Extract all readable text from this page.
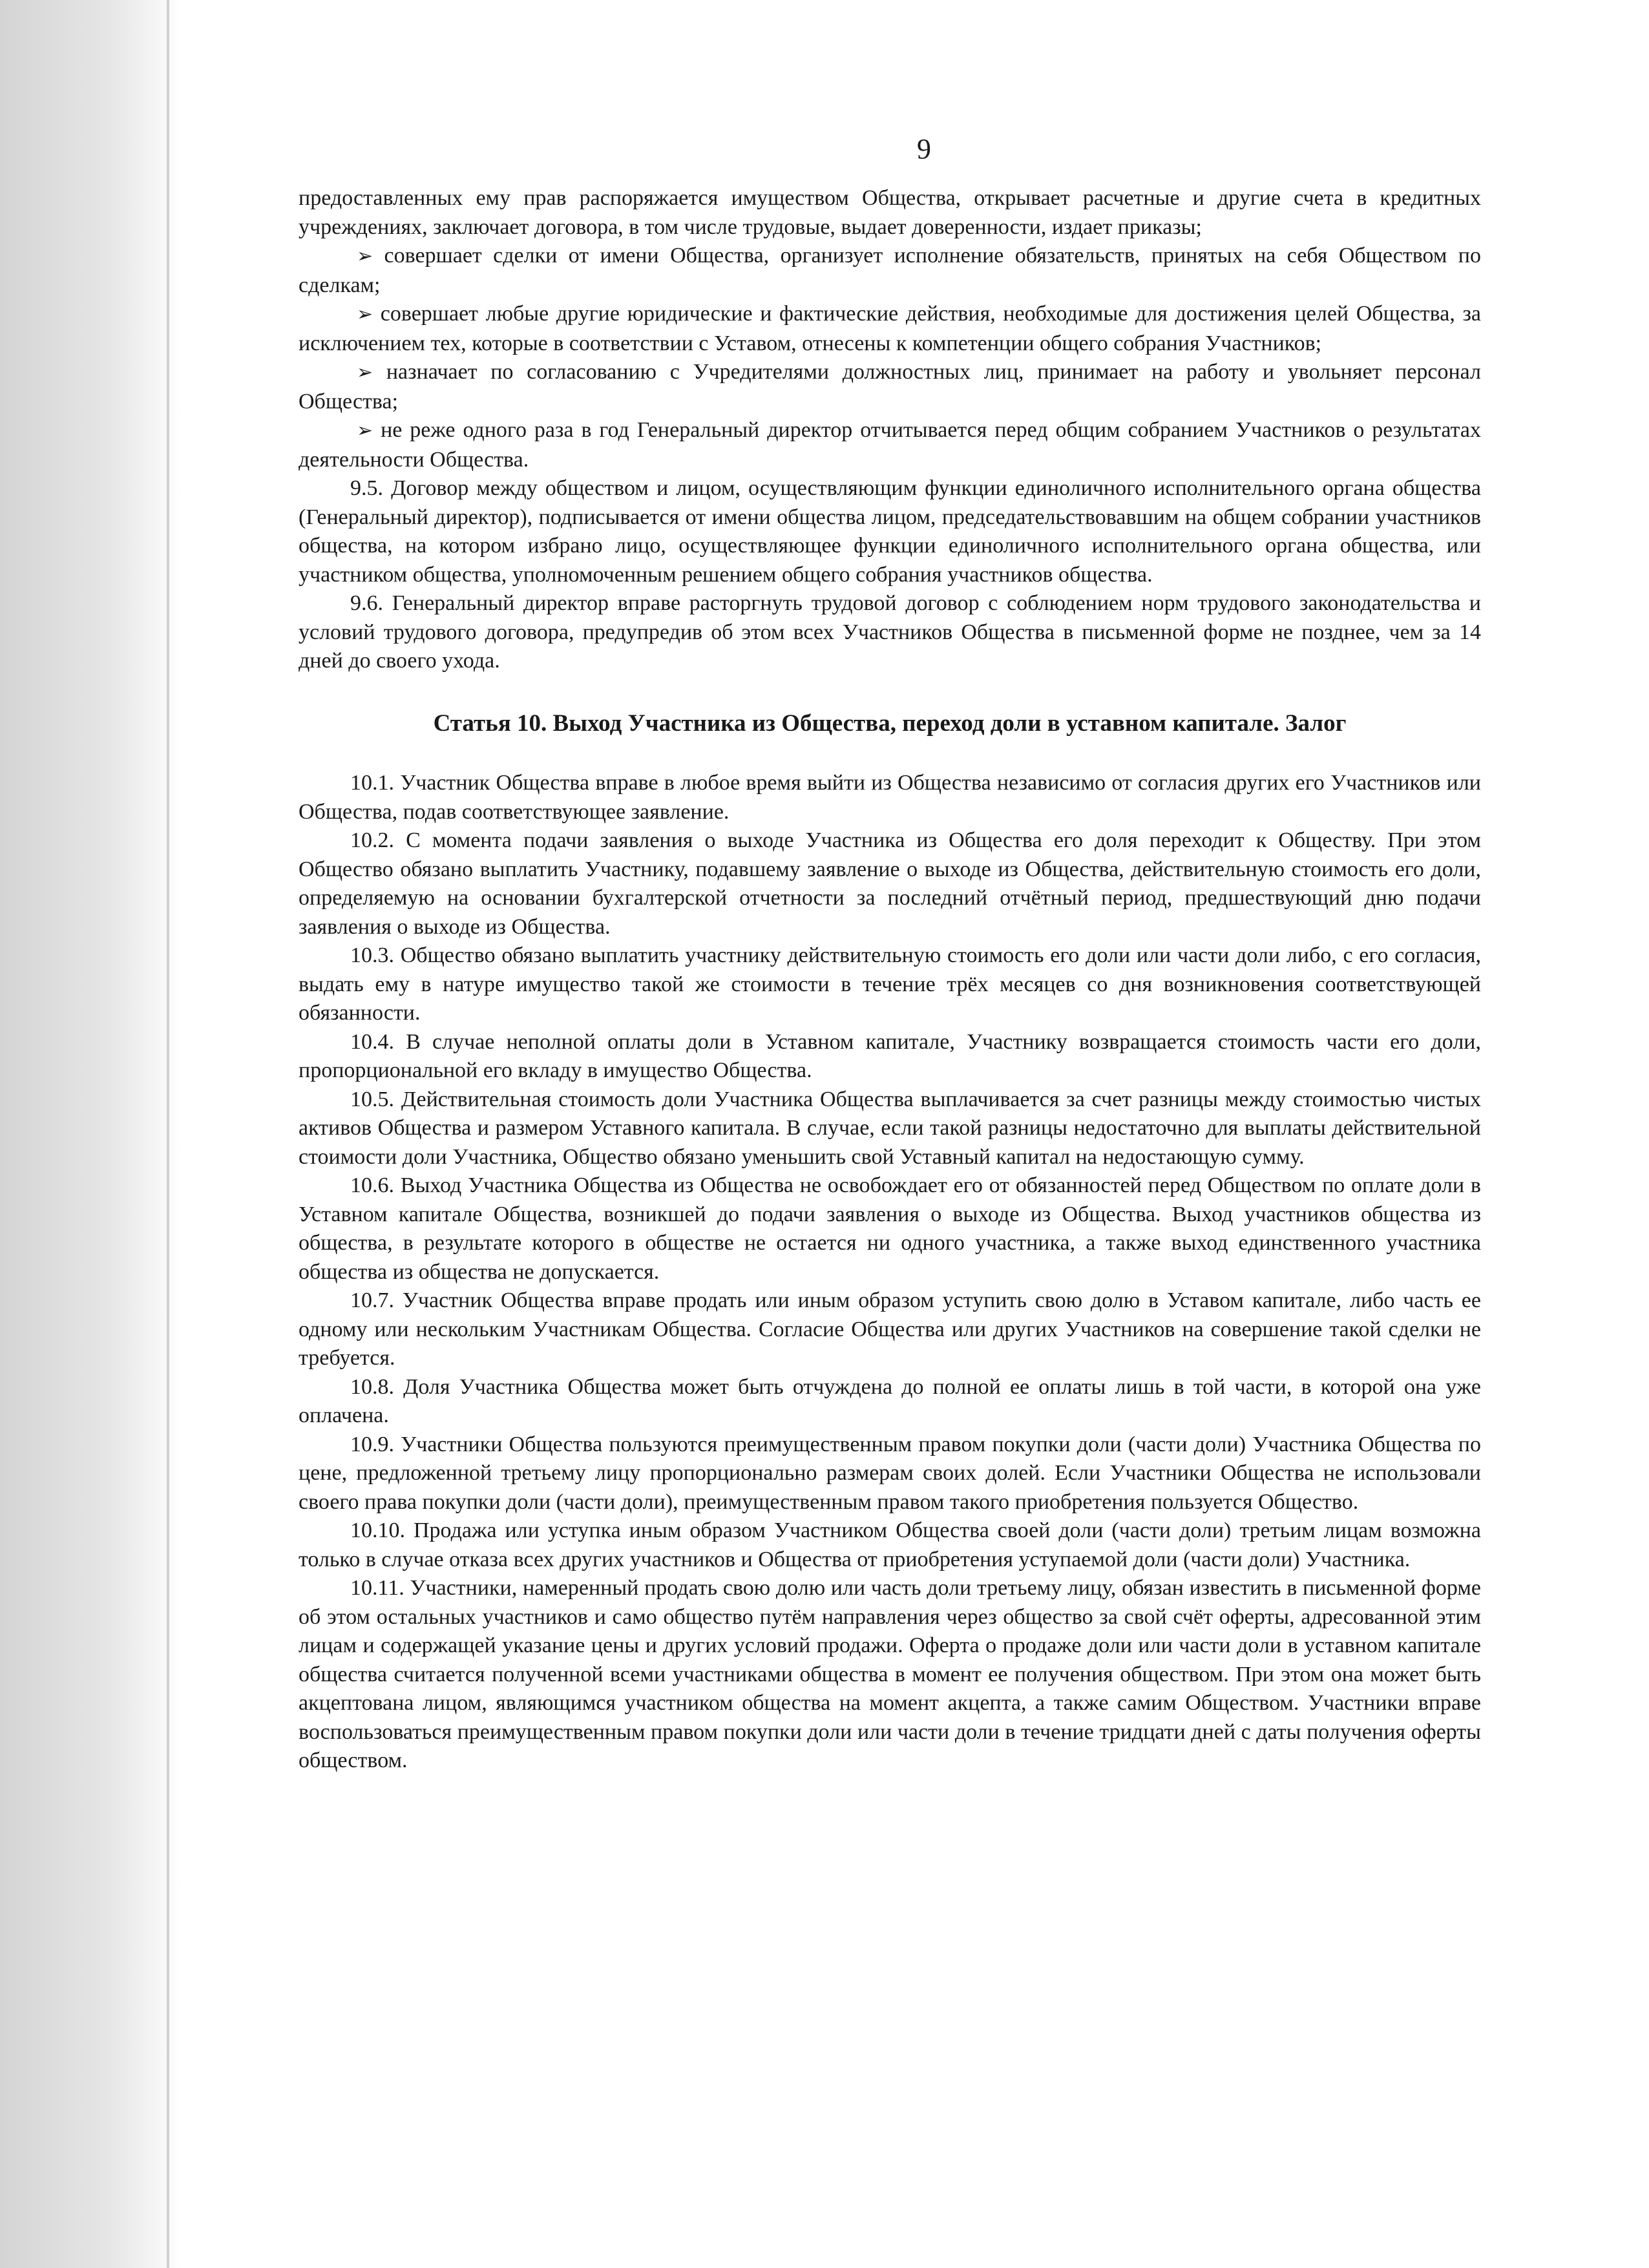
9

предоставленных ему прав распоряжается имуществом Общества, открывает расчетные и другие счета в кредитных учреждениях, заключает договора, в том числе трудовые, выдает доверенности, издает приказы;

➢ совершает сделки от имени Общества, организует исполнение обязательств, принятых на себя Обществом по сделкам;

➢ совершает любые другие юридические и фактические действия, необходимые для достижения целей Общества, за исключением тех, которые в соответствии с Уставом, отнесены к компетенции общего собрания Участников;

➢ назначает по согласованию с Учредителями должностных лиц, принимает на работу и увольняет персонал Общества;

➢ не реже одного раза в год Генеральный директор отчитывается перед общим собранием Участников о результатах деятельности Общества.

9.5. Договор между обществом и лицом, осуществляющим функции единоличного исполнительного органа общества (Генеральный директор), подписывается от имени общества лицом, председательствовавшим на общем собрании участников общества, на котором избрано лицо, осуществляющее функции единоличного исполнительного органа общества, или участником общества, уполномоченным решением общего собрания участников общества.

9.6. Генеральный директор вправе расторгнуть трудовой договор с соблюдением норм трудового законодательства и условий трудового договора, предупредив об этом всех Участников Общества в письменной форме не позднее, чем за 14 дней до своего ухода.

Статья 10. Выход Участника из Общества, переход доли в уставном капитале. Залог

10.1. Участник Общества вправе в любое время выйти из Общества независимо от согласия других его Участников или Общества, подав соответствующее заявление.

10.2. С момента подачи заявления о выходе Участника из Общества его доля переходит к Обществу. При этом Общество обязано выплатить Участнику, подавшему заявление о выходе из Общества, действительную стоимость его доли, определяемую на основании бухгалтерской отчетности за последний отчётный период, предшествующий дню подачи заявления о выходе из Общества.

10.3. Общество обязано выплатить участнику действительную стоимость его доли или части доли либо, с его согласия, выдать ему в натуре имущество такой же стоимости в течение трёх месяцев со дня возникновения соответствующей обязанности.

10.4. В случае неполной оплаты доли в Уставном капитале, Участнику возвращается стоимость части его доли, пропорциональной его вкладу в имущество Общества.

10.5. Действительная стоимость доли Участника Общества выплачивается за счет разницы между стоимостью чистых активов Общества и размером Уставного капитала. В случае, если такой разницы недостаточно для выплаты действительной стоимости доли Участника, Общество обязано уменьшить свой Уставный капитал на недостающую сумму.

10.6. Выход Участника Общества из Общества не освобождает его от обязанностей перед Обществом по оплате доли в Уставном капитале Общества, возникшей до подачи заявления о выходе из Общества. Выход участников общества из общества, в результате которого в обществе не остается ни одного участника, а также выход единственного участника общества из общества не допускается.

10.7. Участник Общества вправе продать или иным образом уступить свою долю в Уставом капитале, либо часть ее одному или нескольким Участникам Общества. Согласие Общества или других Участников на совершение такой сделки не требуется.

10.8. Доля Участника Общества может быть отчуждена до полной ее оплаты лишь в той части, в которой она уже оплачена.

10.9. Участники Общества пользуются преимущественным правом покупки доли (части доли) Участника Общества по цене, предложенной третьему лицу пропорционально размерам своих долей. Если Участники Общества не использовали своего права покупки доли (части доли), преимущественным правом такого приобретения пользуется Общество.

10.10. Продажа или уступка иным образом Участником Общества своей доли (части доли) третьим лицам возможна только в случае отказа всех других участников и Общества от приобретения уступаемой доли (части доли) Участника.

10.11. Участники, намеренный продать свою долю или часть доли третьему лицу, обязан известить в письменной форме об этом остальных участников и само общество путём направления через общество за свой счёт оферты, адресованной этим лицам и содержащей указание цены и других условий продажи. Оферта о продаже доли или части доли в уставном капитале общества считается полученной всеми участниками общества в момент ее получения обществом. При этом она может быть акцептована лицом, являющимся участником общества на момент акцепта, а также самим Обществом. Участники вправе воспользоваться преимущественным правом покупки доли или части доли в течение тридцати дней с даты получения оферты обществом.
